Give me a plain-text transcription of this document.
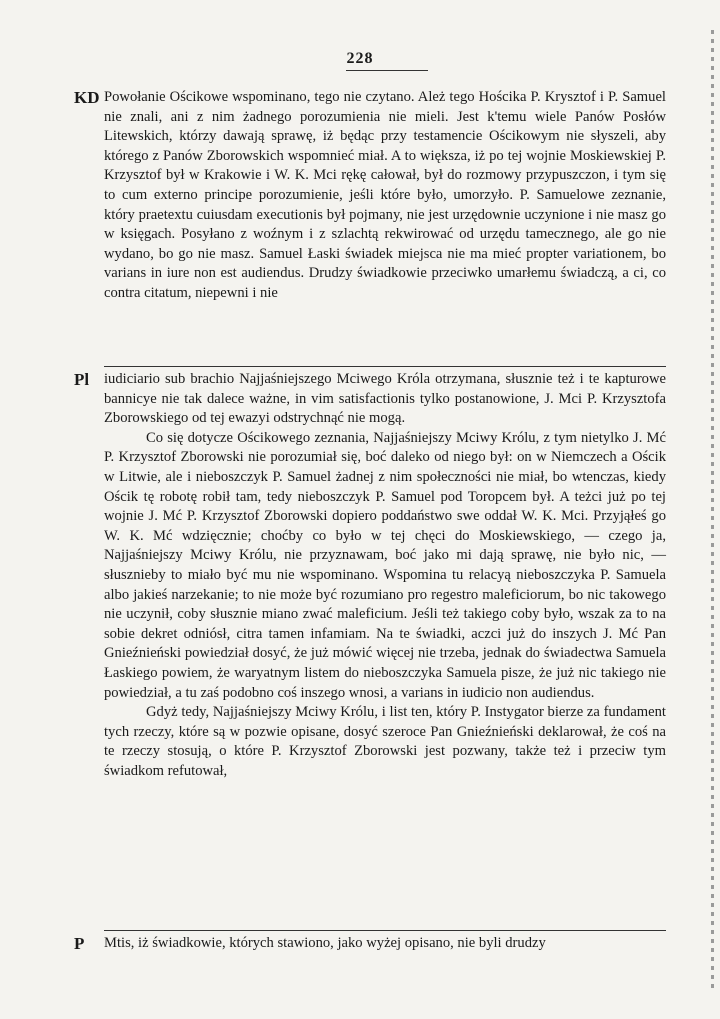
228
KD Powołanie Ościkowe wspominano, tego nie czytano. Ależ tego Hościka P. Krysztof i P. Samuel nie znali, ani z nim żadnego porozumienia nie mieli. Jest k'temu wiele Panów Posłów Litewskich, którzy dawają sprawę, iż będąc przy testamencie Ościkowym nie słyszeli, aby którego z Panów Zborowskich wspomnieć miał. A to większa, iż po tej wojnie Moskiewskiej P. Krzysztof był w Krakowie i W. K. Mci rękę całował, był do rozmowy przypuszczon, i tym się to cum externo principe porozumienie, jeśli które było, umorzyło. P. Samuelowe zeznanie, który praetextu cuiusdam executionis był pojmany, nie jest urzędownie uczynione i nie masz go w księgach. Posyłano z woźnym i z szlachtą rekwirować od urzędu tamecznego, ale go nie wydano, bo go nie masz. Samuel Łaski świadek miejsca nie ma mieć propter variationem, bo varians in iure non est audiendus. Drudzy świadkowie przeciwko umarłemu świadczą, a ci, co contra citatum, niepewni i nie

Pl iudiciario sub brachio Najjaśniejszego Mciwego Króla otrzymana, słusznie też i te kapturowe bannicye nie tak dalece ważne, in vim satisfactionis tylko postanowione, J. Mci P. Krzysztofa Zborowskiego od tej ewazyi odstrychnąć nie mogą.

Co się dotycze Ościkowego zeznania, Najjaśniejszy Mciwy Królu, z tym nietylko J. Mć P. Krzysztof Zborowski nie porozumiał się, boć daleko od niego był: on w Niemczech a Ościk w Litwie, ale i nieboszczyk P. Samuel żadnej z nim społeczności nie miał, bo wtenczas, kiedy Ościk tę robotę robił tam, tedy nieboszczyk P. Samuel pod Toropcem był. A teżci już po tej wojnie J. Mć P. Krzysztof Zborowski dopiero poddaństwo swe oddał W. K. Mci. Przyjąłeś go W. K. Mć wdzięcznie; choćby co było w tej chęci do Moskiewskiego, — czego ja, Najjaśniejszy Mciwy Królu, nie przyznawam, boć jako mi dają sprawę, nie było nic, — słuszniebу to miało być mu nie wspominano. Wspomina tu relacyą nieboszczyka P. Samuela albo jakieś narzekanie; to nie może być rozumiano pro regestro maleficiorum, bo nic takowego nie uczynił, coby słusznie miano zwać maleficium. Jeśli też takiego coby było, wszak za to na sobie dekret odniósł, citra tamen infamiam. Na te świadki, aczci już do inszych J. Mć Pan Gnieźnieński powiedział dosyć, że już mówić więcej nie trzeba, jednak do świadectwa Samuela Łaskiego powiem, że waryatnym listem do nieboszczyka Samuela pisze, że już nic takiego nie powiedział, a tu zaś podobno coś inszego wnosi, a varians in iudicio non audiendus.

Gdyż tedy, Najjaśniejszy Mciwy Królu, i list ten, który P. Instygator bierze za fundament tych rzeczy, które są w pozwie opisane, dosyć szeroce Pan Gnieźnieński deklarował, że coś na te rzeczy stosują, o które P. Krzysztof Zborowski jest pozwany, także też i przeciw tym świadkom refutował,

P Mtis, iż świadkowie, których stawiono, jako wyżej opisano, nie byli drudzy
